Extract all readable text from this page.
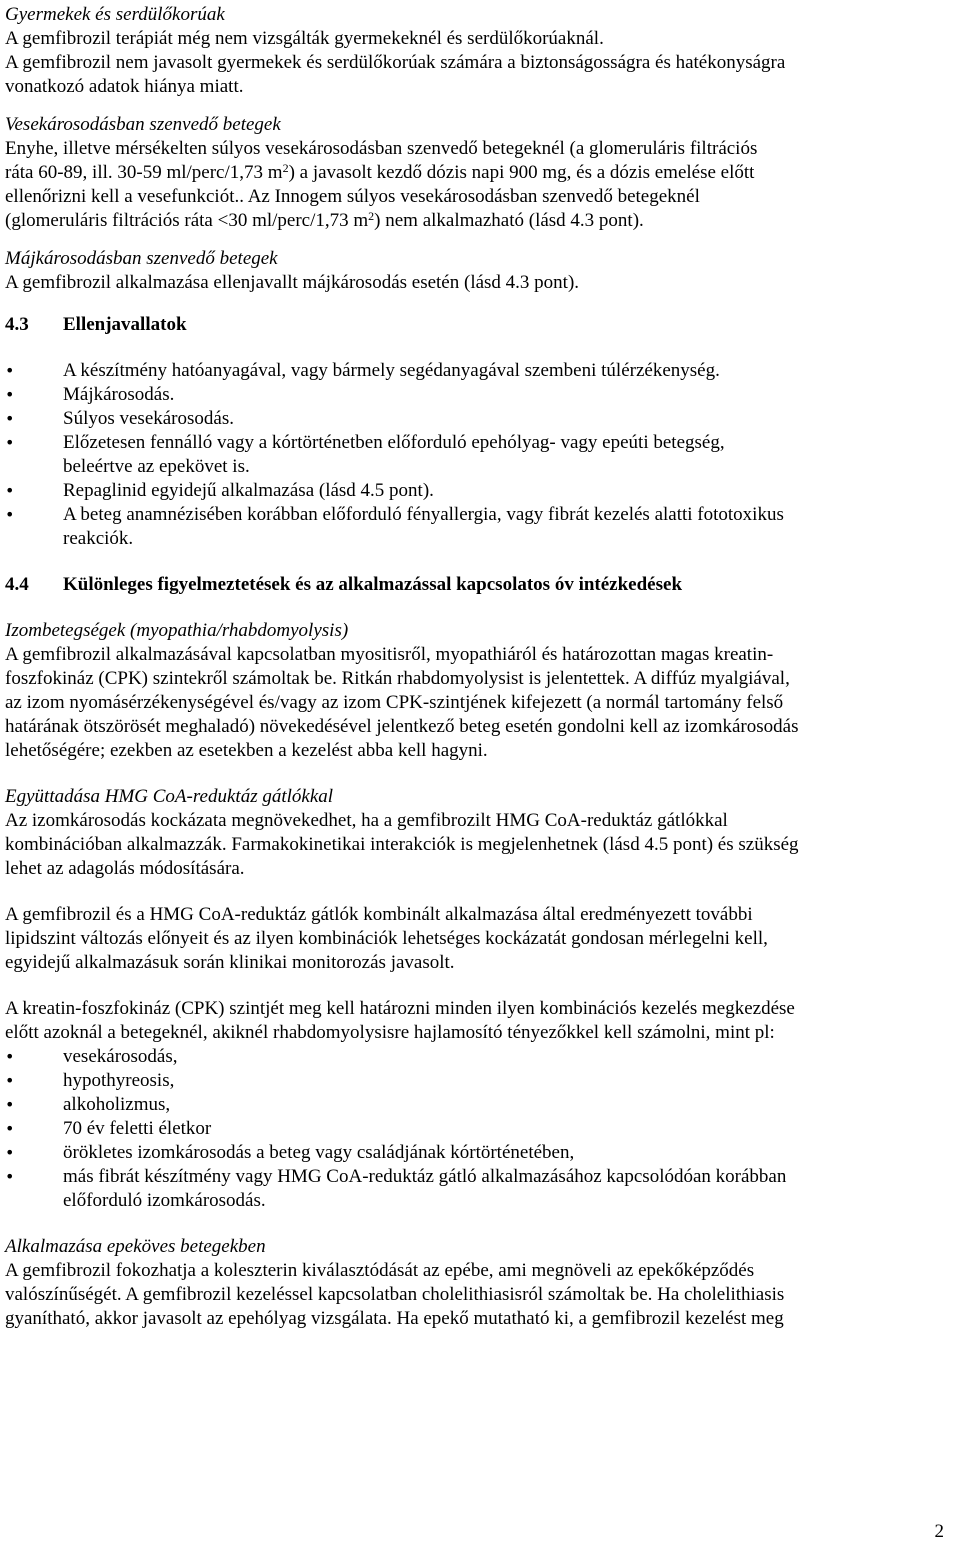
Gyermekek és serdülőkorúak
A gemfibrozil terápiát még nem vizsgálták gyermekeknél és serdülőkorúaknál.
A gemfibrozil nem javasolt gyermekek és serdülőkorúak számára a biztonságosságra és hatékonyságra
vonatkozó adatok hiánya miatt.
Vesekárosodásban szenvedő betegek
Enyhe, illetve mérsékelten súlyos vesekárosodásban szenvedő betegeknél (a glomeruláris filtrációs
ráta 60-89, ill. 30-59 ml/perc/1,73 $m^2$) a javasolt kezdő dózis napi 900 mg, és a dózis emelése előtt
ellenőrizni kell a vesefunkciót.. Az Innogem súlyos vesekárosodásban szenvedő betegeknél
(glomeruláris filtrációs ráta <30 ml/perc/1,73 $m^2$) nem alkalmazható (lásd 4.3 pont).
Májkárosodásban szenvedő betegek
A gemfibrozil alkalmazása ellenjavallt májkárosodás esetén (lásd 4.3 pont).
4.3	Ellenjavallatok
• A készítmény hatóanyagával, vagy bármely segédanyagával szembeni túlérzékenység.
• Májkárosodás.
• Súlyos vesekárosodás.
• Előzetesen fennálló vagy a kórtörténetben előforduló epehólyag- vagy epeúti betegség,
beleértve az epekövet is.
• Repaglinid egyidejű alkalmazása (lásd 4.5 pont).
• A beteg anamnézisében korábban előforduló fényallergia, vagy fibrát kezelés alatti fototoxikus
reakciók.
4.4	Különleges figyelmeztetések és az alkalmazással kapcsolatos óv intézkedések
Izombetegségek (myopathia/rhabdomyolysis)
A gemfibrozil alkalmazásával kapcsolatban myositisről, myopathiáról és határozottan magas kreatin-
foszfokináz (CPK) szintekről számoltak be. Ritkán rhabdomyolysist is jelentettek. A diffúz myalgiával,
az izom nyomásérzékenységével és/vagy az izom CPK-szintjének kifejezett (a normál tartomány felső
határának ötszörösét meghaladó) növekedésével jelentkező beteg esetén gondolni kell az izomkárosodás
lehetőségére; ezekben az esetekben a kezelést abba kell hagyni.
Együttadása HMG CoA-reduktáz gátlókkal
Az izomkárosodás kockázata megnövekedhet, ha a gemfibrozilt HMG CoA-reduktáz gátlókkal
kombinációban alkalmazzák. Farmakokinetikai interakciók is megjelenhetnek (lásd 4.5 pont) és szükség
lehet az adagolás módosítására.
A gemfibrozil és a HMG CoA-reduktáz gátlók kombinált alkalmazása által eredményezett további
lipidszint változás előnyeit és az ilyen kombinációk lehetséges kockázatát gondosan mérlegelni kell,
egyidejű alkalmazásuk során klinikai monitorozás javasolt.
A kreatin-foszfokináz (CPK) szintjét meg kell határozni minden ilyen kombinációs kezelés megkezdése
előtt azoknál a betegeknél, akiknél rhabdomyolysisre hajlamosító tényezőkkel kell számolni, mint pl:
• vesekárosodás,
• hypothyreosis,
• alkoholizmus,
• 70 év feletti életkor
• örökletes izomkárosodás a beteg vagy családjának kórtörténetében,
• más fibrát készítmény vagy HMG CoA-reduktáz gátló alkalmazásához kapcsolódóan korábban
előforduló izomkárosodás.
Alkalmazása epeköves betegekben
A gemfibrozil fokozhatja a koleszterin kiválasztódását az epébe, ami megnöveli az epekőképződés
valószínűségét. A gemfibrozil kezeléssel kapcsolatban cholelithiasisról számoltak be. Ha cholelithiasis
gyanítható, akkor javasolt az epehólyag vizsgálata. Ha epekő mutatható ki, a gemfibrozil kezelést meg
2
